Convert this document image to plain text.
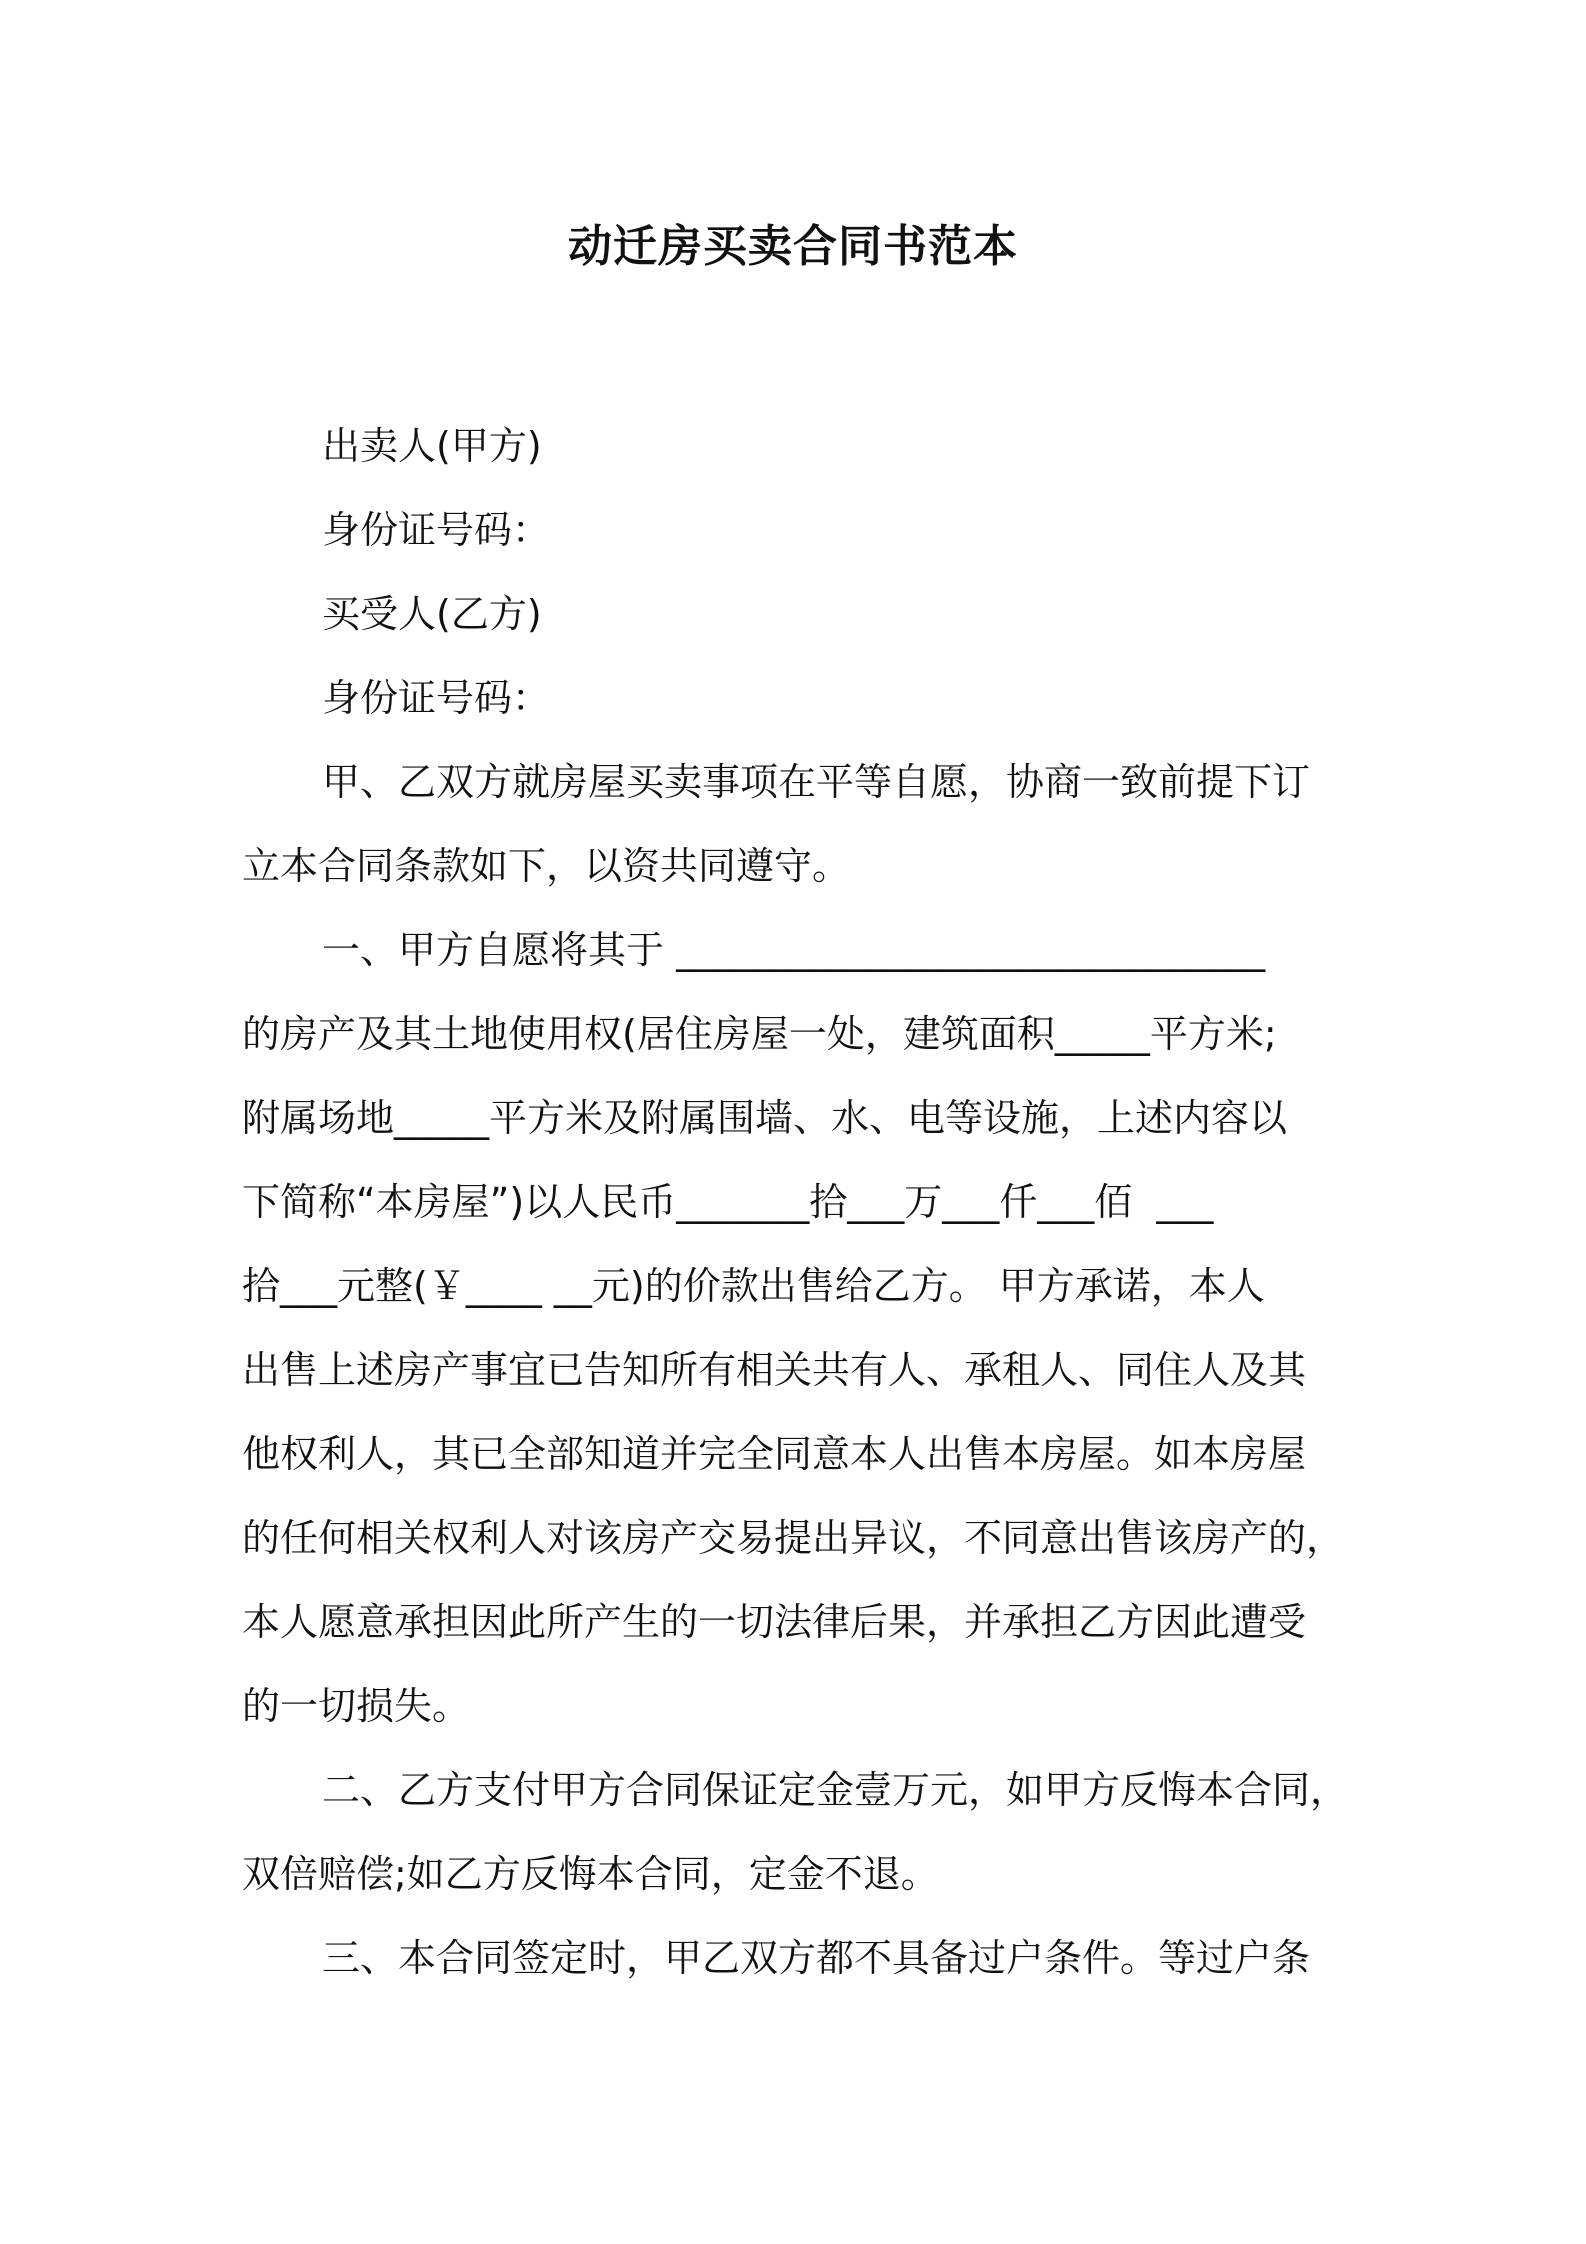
动迁房买卖合同书范本
出卖人(甲方)
身份证号码：
买受人(乙方)
身份证号码：
甲、乙双方就房屋买卖事项在平等自愿，协商一致前提下订
立本合同条款如下，以资共同遵守。
一、甲方自愿将其于 _______________________________
的房产及其土地使用权(居住房屋一处，建筑面积_____平方米;
附属场地_____平方米及附属围墙、水、电等设施，上述内容以
下简称“本房屋”)以人民币_______拾___万___仟___佰  ___
拾___元整(￥____ __元)的价款出售给乙方。 甲方承诺，本人
出售上述房产事宜已告知所有相关共有人、承租人、同住人及其
他权利人，其已全部知道并完全同意本人出售本房屋。如本房屋
的任何相关权利人对该房产交易提出异议，不同意出售该房产的，
本人愿意承担因此所产生的一切法律后果，并承担乙方因此遭受
的一切损失。
二、乙方支付甲方合同保证定金壹万元，如甲方反悔本合同，
双倍赔偿;如乙方反悔本合同，定金不退。
三、本合同签定时，甲乙双方都不具备过户条件。等过户条
